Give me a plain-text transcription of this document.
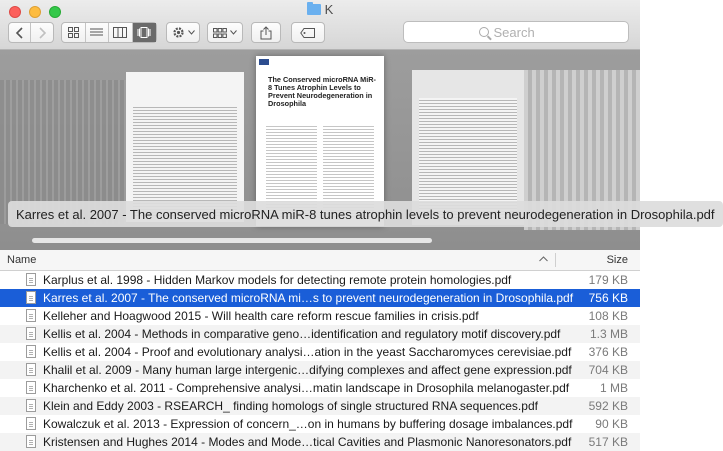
K
Search
The Conserved microRNA MiR-8 Tunes Atrophin Levels to Prevent Neurodegeneration in Drosophila
Karres et al. 2007 - The conserved microRNA miR-8 tunes atrophin levels to prevent neurodegeneration in Drosophila.pdf
Name	Size
Karplus et al. 1998 - Hidden Markov models for detecting remote protein homologies.pdf	179 KB
Karres et al. 2007 - The conserved microRNA mi…s to prevent neurodegeneration in Drosophila.pdf 756 KB
Kelleher and Hoagwood 2015 - Will health care reform rescue families in crisis.pdf	108 KB
Kellis et al. 2004 - Methods in comparative geno…identification and regulatory motif discovery.pdf 1.3 MB
Kellis et al. 2004 - Proof and evolutionary analysi…ation in the yeast Saccharomyces cerevisiae.pdf 376 KB
Khalil et al. 2009 - Many human large intergenic…difying complexes and affect gene expression.pdf 704 KB
Kharchenko et al. 2011 - Comprehensive analysi…matin landscape in Drosophila melanogaster.pdf	1 MB
Klein and Eddy 2003 - RSEARCH_ finding homologs of single structured RNA sequences.pdf	592 KB
Kowalczuk et al. 2013 - Expression of concern_…on in humans by buffering dosage imbalances.pdf 90 KB
Kristensen and Hughes 2014 - Modes and Mode…tical Cavities and Plasmonic Nanoresonators.pdf 517 KB
